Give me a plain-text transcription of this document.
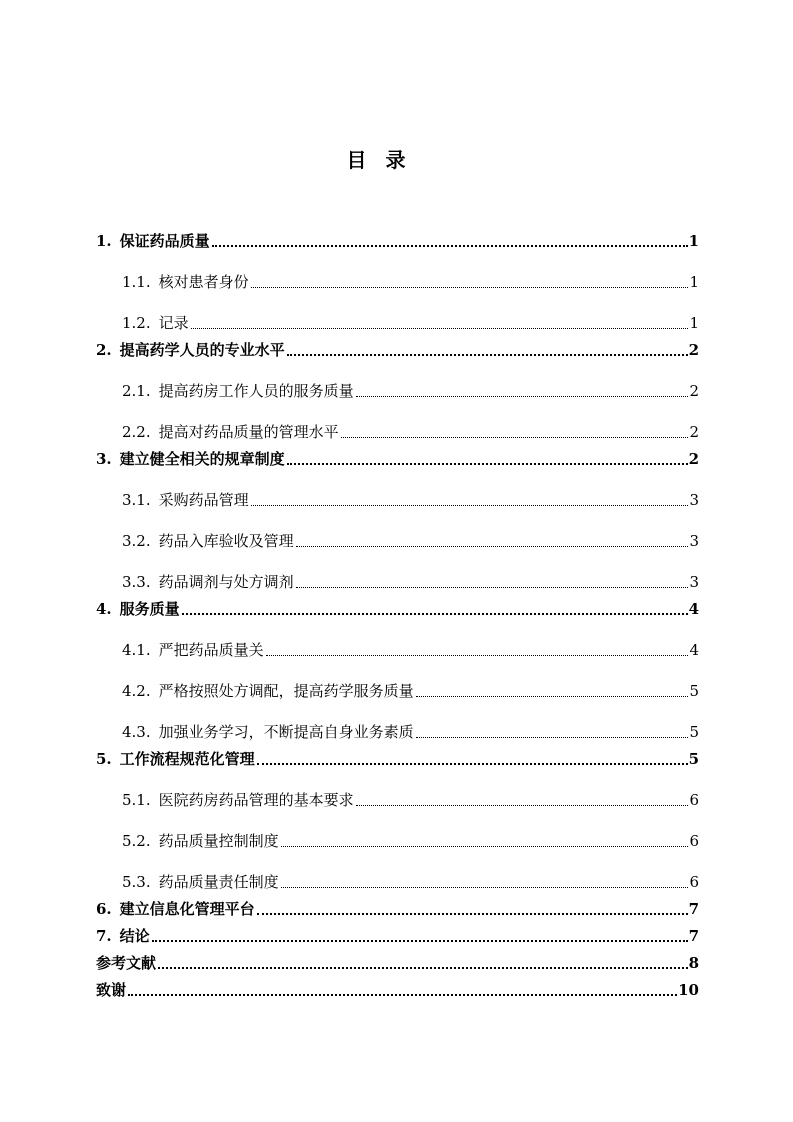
目 录
1. 保证药品质量	1
1.1. 核对患者身份	1
1.2. 记录	1
2. 提高药学人员的专业水平	2
2.1. 提高药房工作人员的服务质量	2
2.2. 提高对药品质量的管理水平	2
3. 建立健全相关的规章制度	2
3.1. 采购药品管理	3
3.2. 药品入库验收及管理	3
3.3. 药品调剂与处方调剂	3
4. 服务质量	4
4.1. 严把药品质量关	4
4.2. 严格按照处方调配，提高药学服务质量	5
4.3. 加强业务学习，不断提高自身业务素质	5
5. 工作流程规范化管理	5
5.1. 医院药房药品管理的基本要求	6
5.2. 药品质量控制制度	6
5.3. 药品质量责任制度	6
6. 建立信息化管理平台	7
7. 结论	7
参考文献	8
致谢	10
